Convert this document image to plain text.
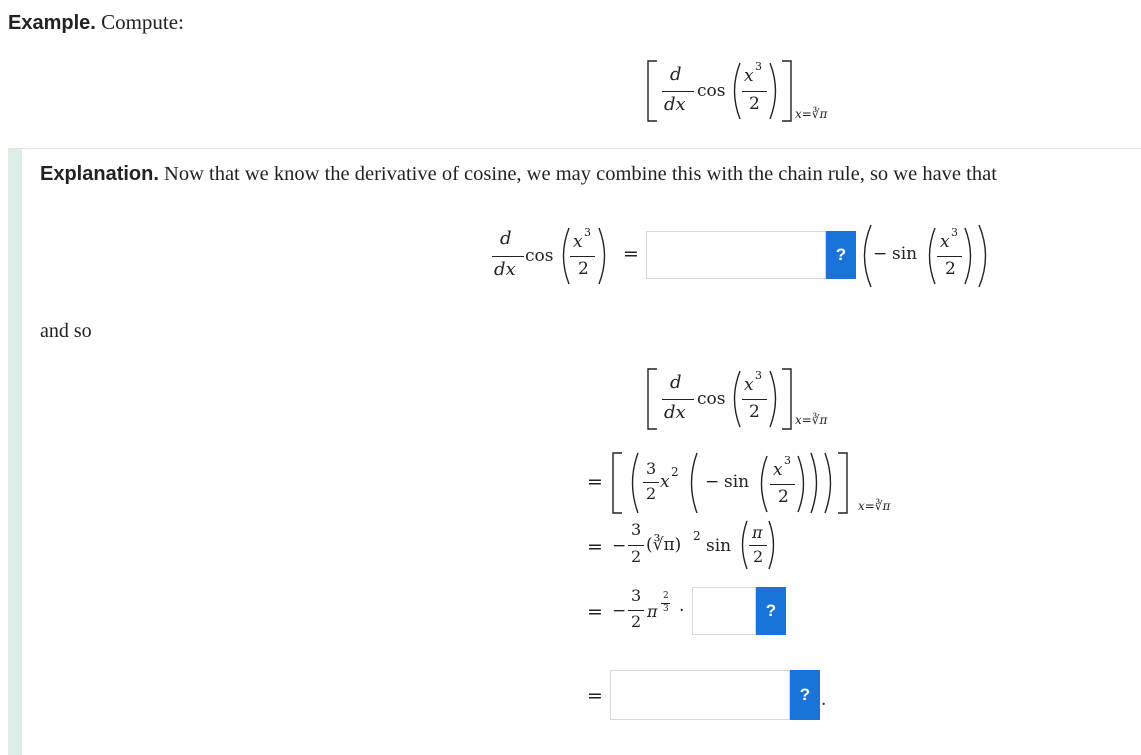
Example. Compute:
d
dx
cos
x 3
2	x=∛π
Explanation. Now that we know the derivative of cosine, we may combine this with the chain rule, so we have that
d
dx
cos
x 3
2
=	?	− sin
x 3
2
and so
d
dx
cos
x 3
2	x=∛π
=
3
2
x 2 − sin
x 3
2	x=∛π
= −
3
2
(∛π) 2 sin
π
2
= −
3
2
π
2
3 ·	?
=	? .
